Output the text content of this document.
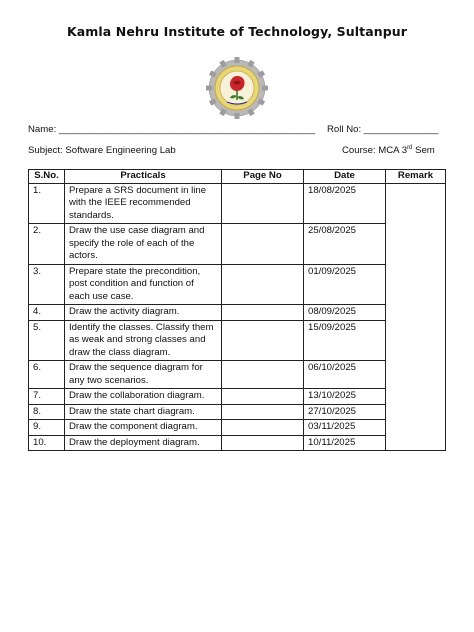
Kamla Nehru Institute of Technology, Sultanpur
Name: ________________________________________________ Roll No: ______________
Subject: Software Engineering Lab	Course: MCA 3rd Sem
S.No.	Practicals	Page No	Date	Remark
1.	Prepare a SRS document in line with the IEEE recommended standards.		18/08/2025	
2.	Draw the use case diagram and specify the role of each of the actors.		25/08/2025	
3.	Prepare state the precondition, post condition and function of each use case.		01/09/2025	
4.	Draw the activity diagram.		08/09/2025	
5.	Identify the classes. Classify them as weak and strong classes and draw the class diagram.		15/09/2025	
6.	Draw the sequence diagram for any two scenarios.		06/10/2025	
7.	Draw the collaboration diagram.		13/10/2025	
8.	Draw the state chart diagram.		27/10/2025	
9.	Draw the component diagram.		03/11/2025	
10.	Draw the deployment diagram.		10/11/2025	
